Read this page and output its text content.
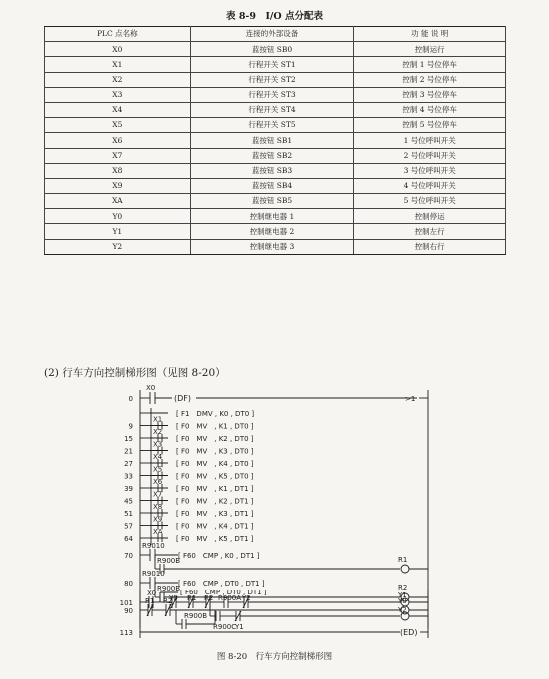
表 8-9　I/O 点分配表
PLC 点名称	连接的外部设备	功 能 说 明
X0	蓝按钮 SB0	控制运行
X1	行程开关 ST1	控制 1 号位停车
X2	行程开关 ST2	控制 2 号位停车
X3	行程开关 ST3	控制 3 号位停车
X4	行程开关 ST4	控制 4 号位停车
X5	行程开关 ST5	控制 5 号位停车
X6	蓝按钮 SB1	1 号位呼叫开关
X7	蓝按钮 SB2	2 号位呼叫开关
X8	蓝按钮 SB3	3 号位呼叫开关
X9	蓝按钮 SB4	4 号位呼叫开关
XA	蓝按钮 SB5	5 号位呼叫开关
Y0	控制继电器 1	控制停运
Y1	控制继电器 2	控制左行
Y2	控制继电器 3	控制右行
(2) 行车方向控制梯形图（见图 8-20）
0
X0
(DF)	>1
[ F1　DMV , K0 , DT0 ]
[ F0　MV　, K1 , DT0 ]
9
X1
[ F0　MV　, K2 , DT0 ]
15
X2
[ F0　MV　, K3 , DT0 ]
21
X3
[ F0　MV　, K4 , DT0 ]
27
X4
[ F0　MV　, K5 , DT0 ]
33
X5
[ F0　MV　, K1 , DT1 ]
39
X6
[ F0　MV　, K2 , DT1 ]
45
X7
[ F0　MV　, K3 , DT1 ]
51
X8
[ F0　MV　, K4 , DT1 ]
57
X9
[ F0　MV　, K5 , DT1 ]
64
XA
70
R9010
[ F60　CMP , K0 , DT1 ]
R900B	R1
80
R9010
[ F60　CMP , DT0 , DT1 ]
R900B	R2
90
R1 R2
R900B
Y0
101
X0	[ F60　CMP , DT0 , DT1 ]
Y0 R1 R2 R900A Y2
R900C
Y1
Y1
Y2
113	(ED)
图 8-20　行车方向控制梯形图
